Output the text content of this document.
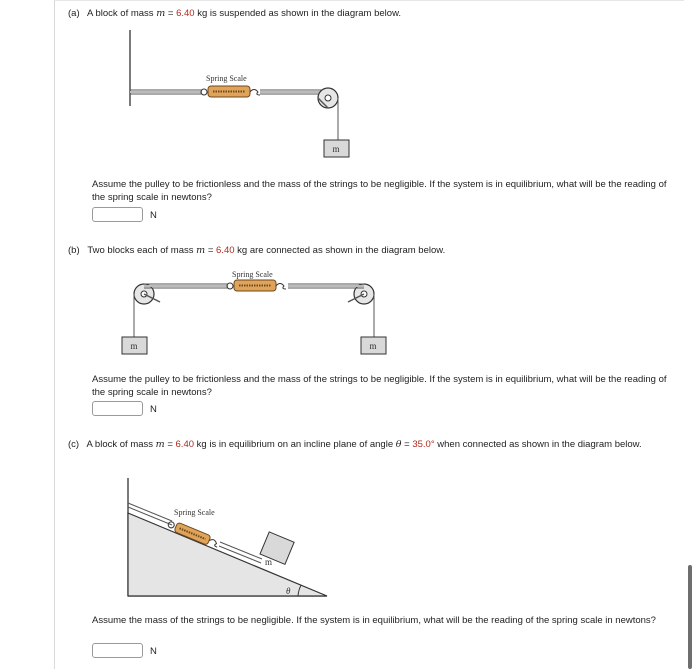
(a) A block of mass m = 6.40 kg is suspended as shown in the diagram below.
Spring Scale
m
Assume the pulley to be frictionless and the mass of the strings to be negligible. If the system is in equilibrium, what will be the reading of the spring scale in newtons?
N
(b) Two blocks each of mass m = 6.40 kg are connected as shown in the diagram below.
Spring Scale
m	m
Assume the pulley to be frictionless and the mass of the strings to be negligible. If the system is in equilibrium, what will be the reading of the spring scale in newtons?
N
(c) A block of mass m = 6.40 kg is in equilibrium on an incline plane of angle θ = 35.0° when connected as shown in the diagram below.
Spring Scale
m
θ
Assume the mass of the strings to be negligible. If the system is in equilibrium, what will be the reading of the spring scale in newtons?
N
